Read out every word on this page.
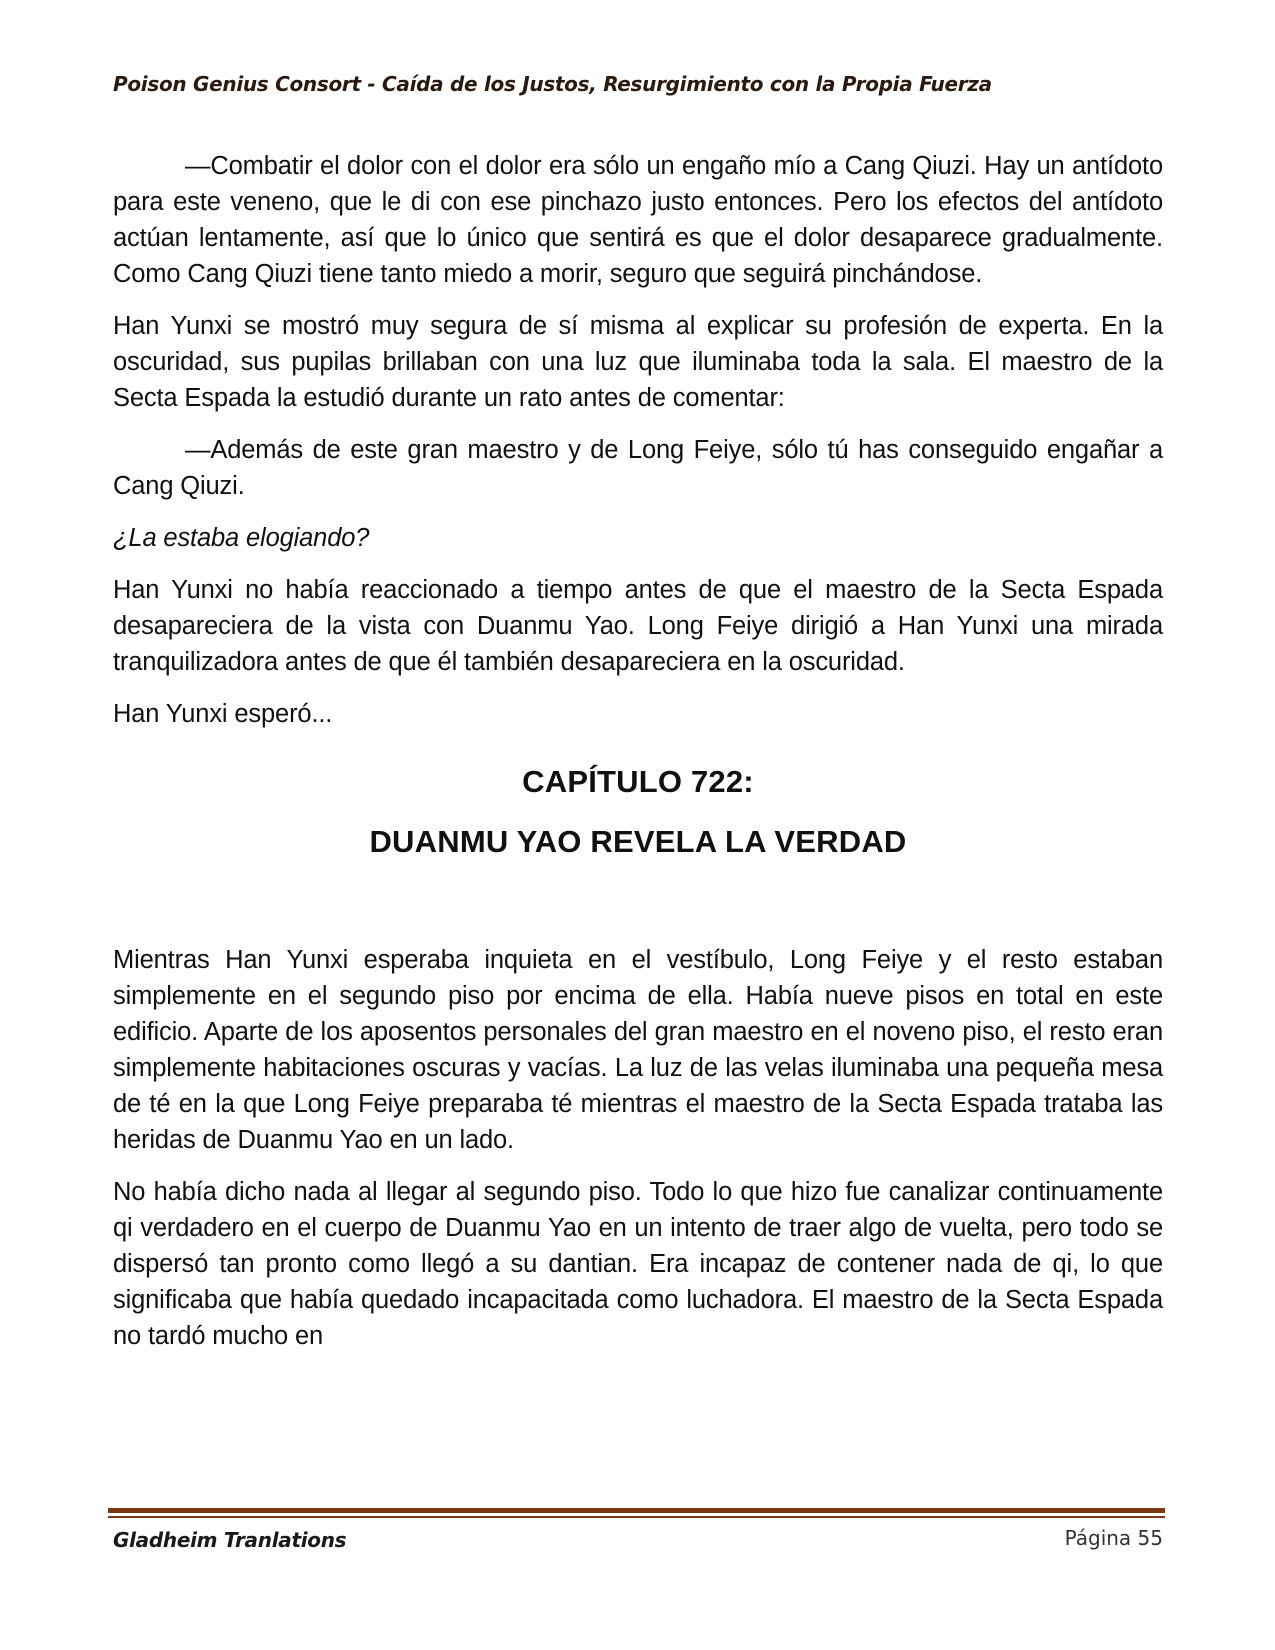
Poison Genius Consort - Caída de los Justos, Resurgimiento con la Propia Fuerza

—Combatir el dolor con el dolor era sólo un engaño mío a Cang Qiuzi. Hay un antídoto para este veneno, que le di con ese pinchazo justo entonces. Pero los efectos del antídoto actúan lentamente, así que lo único que sentirá es que el dolor desaparece gradualmente. Como Cang Qiuzi tiene tanto miedo a morir, seguro que seguirá pinchándose.

Han Yunxi se mostró muy segura de sí misma al explicar su profesión de experta. En la oscuridad, sus pupilas brillaban con una luz que iluminaba toda la sala. El maestro de la Secta Espada la estudió durante un rato antes de comentar:

—Además de este gran maestro y de Long Feiye, sólo tú has conseguido engañar a Cang Qiuzi.

¿La estaba elogiando?

Han Yunxi no había reaccionado a tiempo antes de que el maestro de la Secta Espada desapareciera de la vista con Duanmu Yao. Long Feiye dirigió a Han Yunxi una mirada tranquilizadora antes de que él también desapareciera en la oscuridad.

Han Yunxi esperó...

CAPÍTULO 722:
DUANMU YAO REVELA LA VERDAD

Mientras Han Yunxi esperaba inquieta en el vestíbulo, Long Feiye y el resto estaban simplemente en el segundo piso por encima de ella. Había nueve pisos en total en este edificio. Aparte de los aposentos personales del gran maestro en el noveno piso, el resto eran simplemente habitaciones oscuras y vacías. La luz de las velas iluminaba una pequeña mesa de té en la que Long Feiye preparaba té mientras el maestro de la Secta Espada trataba las heridas de Duanmu Yao en un lado.

No había dicho nada al llegar al segundo piso. Todo lo que hizo fue canalizar continuamente qi verdadero en el cuerpo de Duanmu Yao en un intento de traer algo de vuelta, pero todo se dispersó tan pronto como llegó a su dantian. Era incapaz de contener nada de qi, lo que significaba que había quedado incapacitada como luchadora. El maestro de la Secta Espada no tardó mucho en

Gladheim Tranlations	Página 55
